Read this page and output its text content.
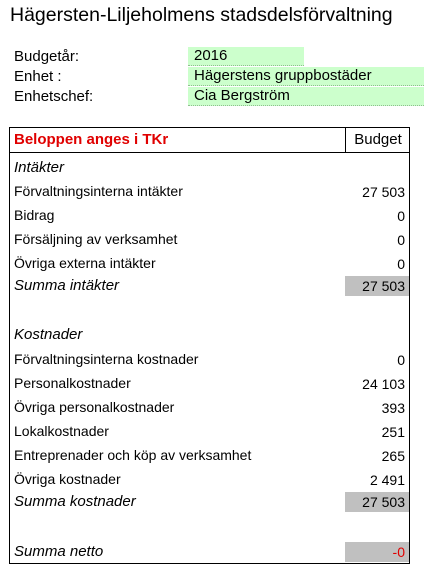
Hägersten-Liljeholmens stadsdelsförvaltning
Budgetår:	2016
Enhet :	Hägerstens gruppbostäder
Enhetschef:	Cia Bergström
Beloppen anges i TKr	Budget
Intäkter
Förvaltningsinterna intäkter	27 503
Bidrag	0
Försäljning av verksamhet	0
Övriga externa intäkter	0
Summa intäkter	27 503
Kostnader
Förvaltningsinterna kostnader	0
Personalkostnader	24 103
Övriga personalkostnader	393
Lokalkostnader	251
Entreprenader och köp av verksamhet	265
Övriga kostnader	2 491
Summa kostnader	27 503
Summa netto	-0
